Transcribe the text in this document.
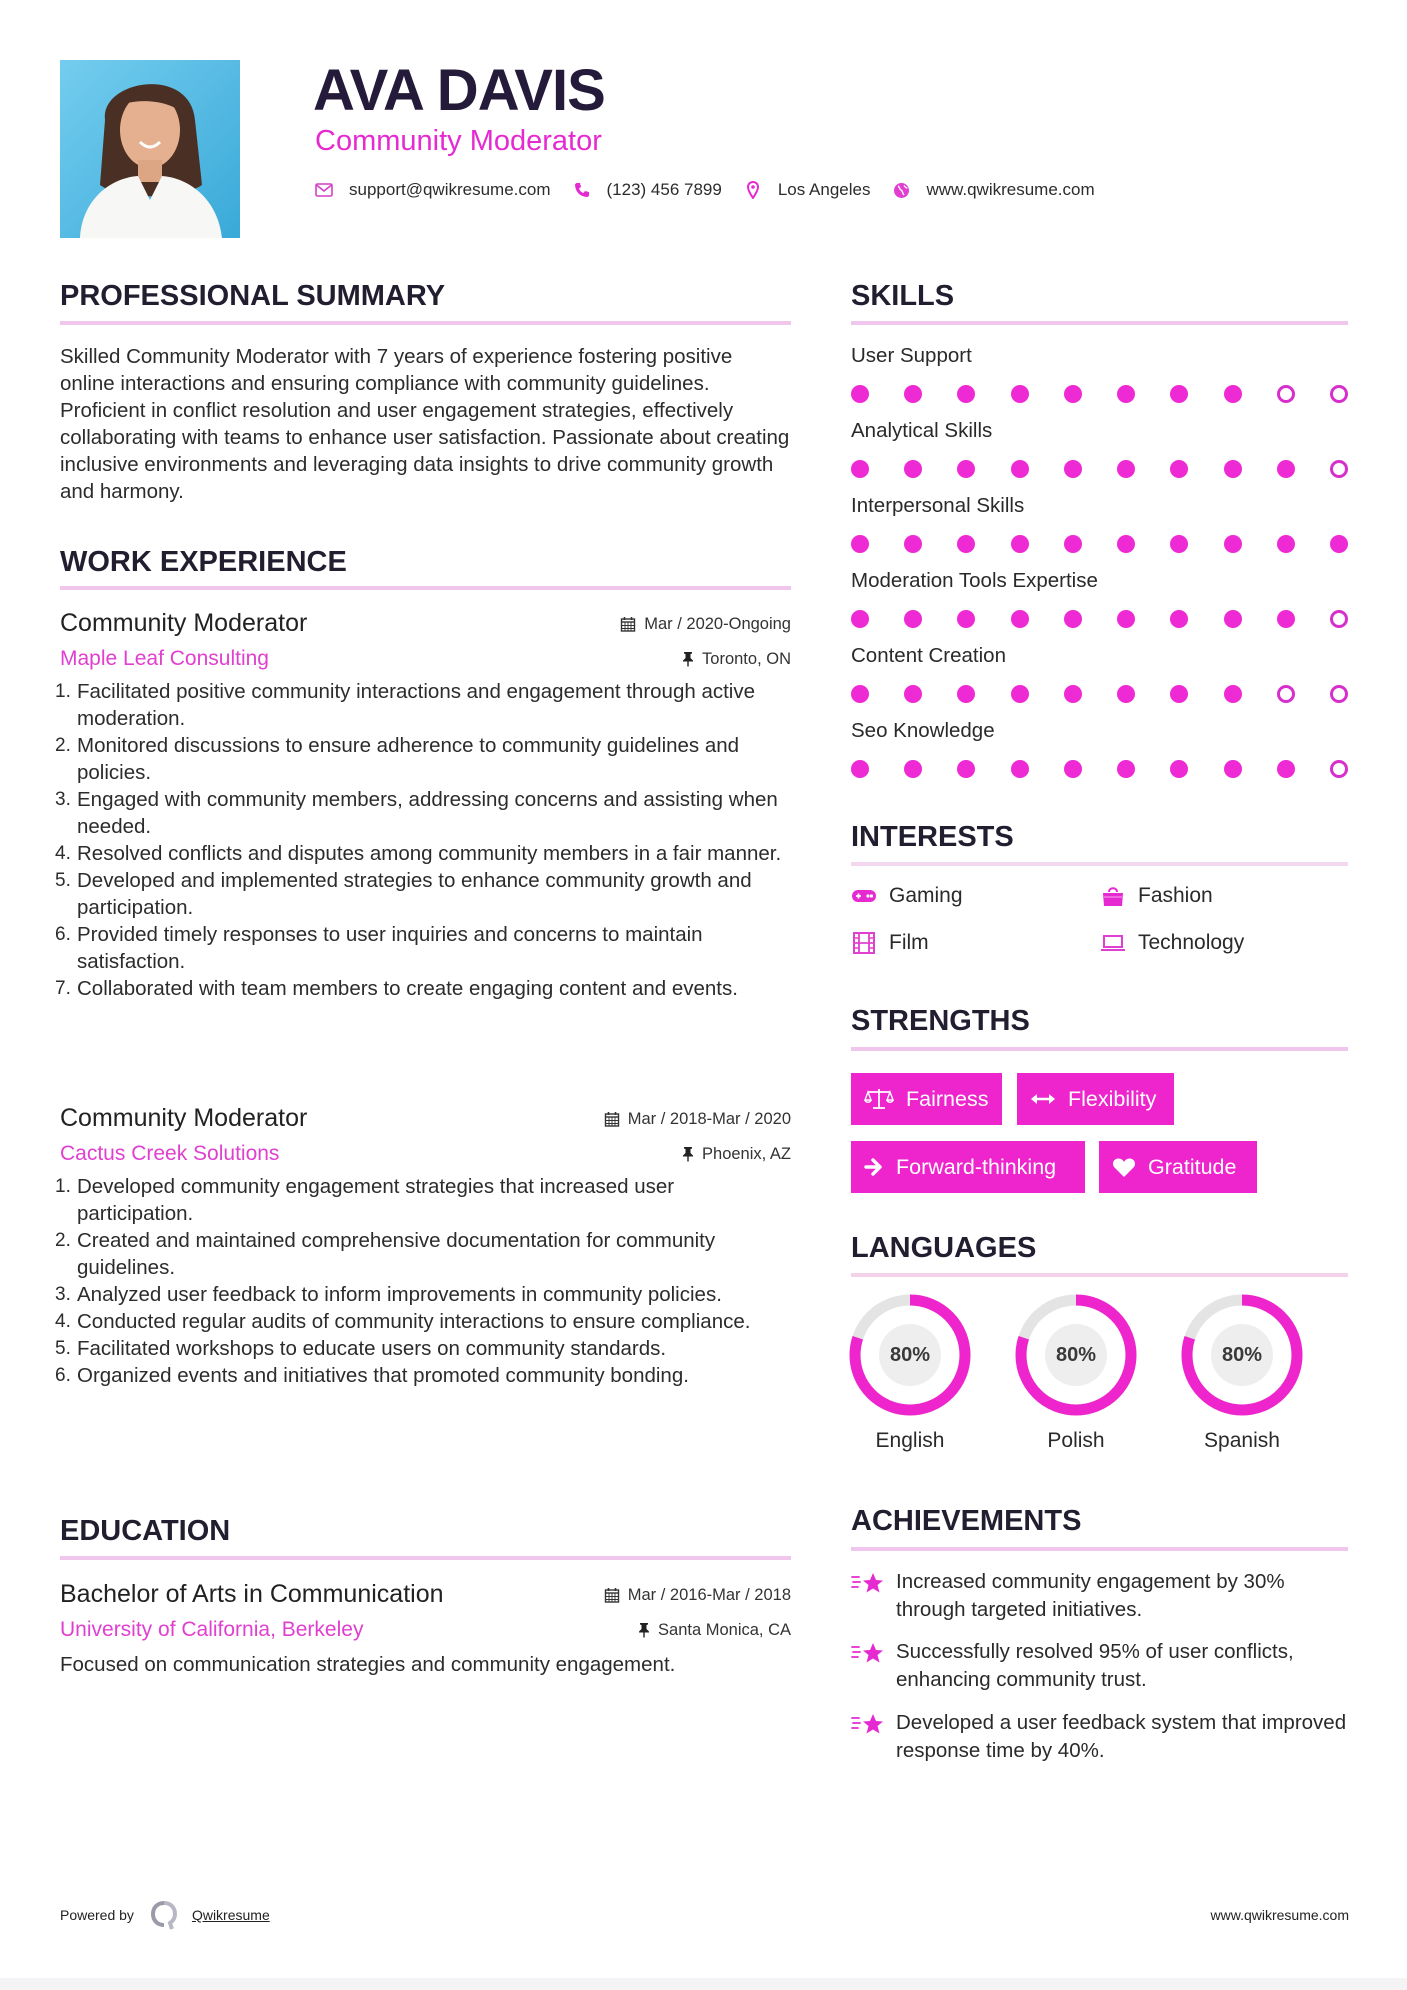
AVA DAVIS
Community Moderator
support@qwikresume.com	(123) 456 7899	Los Angeles	www.qwikresume.com
PROFESSIONAL SUMMARY
Skilled Community Moderator with 7 years of experience fostering positive online interactions and ensuring compliance with community guidelines. Proficient in conflict resolution and user engagement strategies, effectively collaborating with teams to enhance user satisfaction. Passionate about creating inclusive environments and leveraging data insights to drive community growth and harmony.
WORK EXPERIENCE
Community Moderator
Maple Leaf Consulting
Mar / 2020-Ongoing
Toronto, ON
1. Facilitated positive community interactions and engagement through active moderation.
2. Monitored discussions to ensure adherence to community guidelines and policies.
3. Engaged with community members, addressing concerns and assisting when needed.
4. Resolved conflicts and disputes among community members in a fair manner.
5. Developed and implemented strategies to enhance community growth and participation.
6. Provided timely responses to user inquiries and concerns to maintain satisfaction.
7. Collaborated with team members to create engaging content and events.
Community Moderator
Cactus Creek Solutions
Mar / 2018-Mar / 2020
Phoenix, AZ
1. Developed community engagement strategies that increased user participation.
2. Created and maintained comprehensive documentation for community guidelines.
3. Analyzed user feedback to inform improvements in community policies.
4. Conducted regular audits of community interactions to ensure compliance.
5. Facilitated workshops to educate users on community standards.
6. Organized events and initiatives that promoted community bonding.
EDUCATION
Bachelor of Arts in Communication
University of California, Berkeley
Mar / 2016-Mar / 2018
Santa Monica, CA
Focused on communication strategies and community engagement.
SKILLS
User Support
Analytical Skills
Interpersonal Skills
Moderation Tools Expertise
Content Creation
Seo Knowledge
INTERESTS
Gaming	Fashion
Film	Technology
STRENGTHS
Fairness	Flexibility
Forward-thinking	Gratitude
LANGUAGES
80%
English
80%
Polish
80%
Spanish
ACHIEVEMENTS
Increased community engagement by 30% through targeted initiatives.
Successfully resolved 95% of user conflicts, enhancing community trust.
Developed a user feedback system that improved response time by 40%.
Powered by	Qwikresume	www.qwikresume.com
